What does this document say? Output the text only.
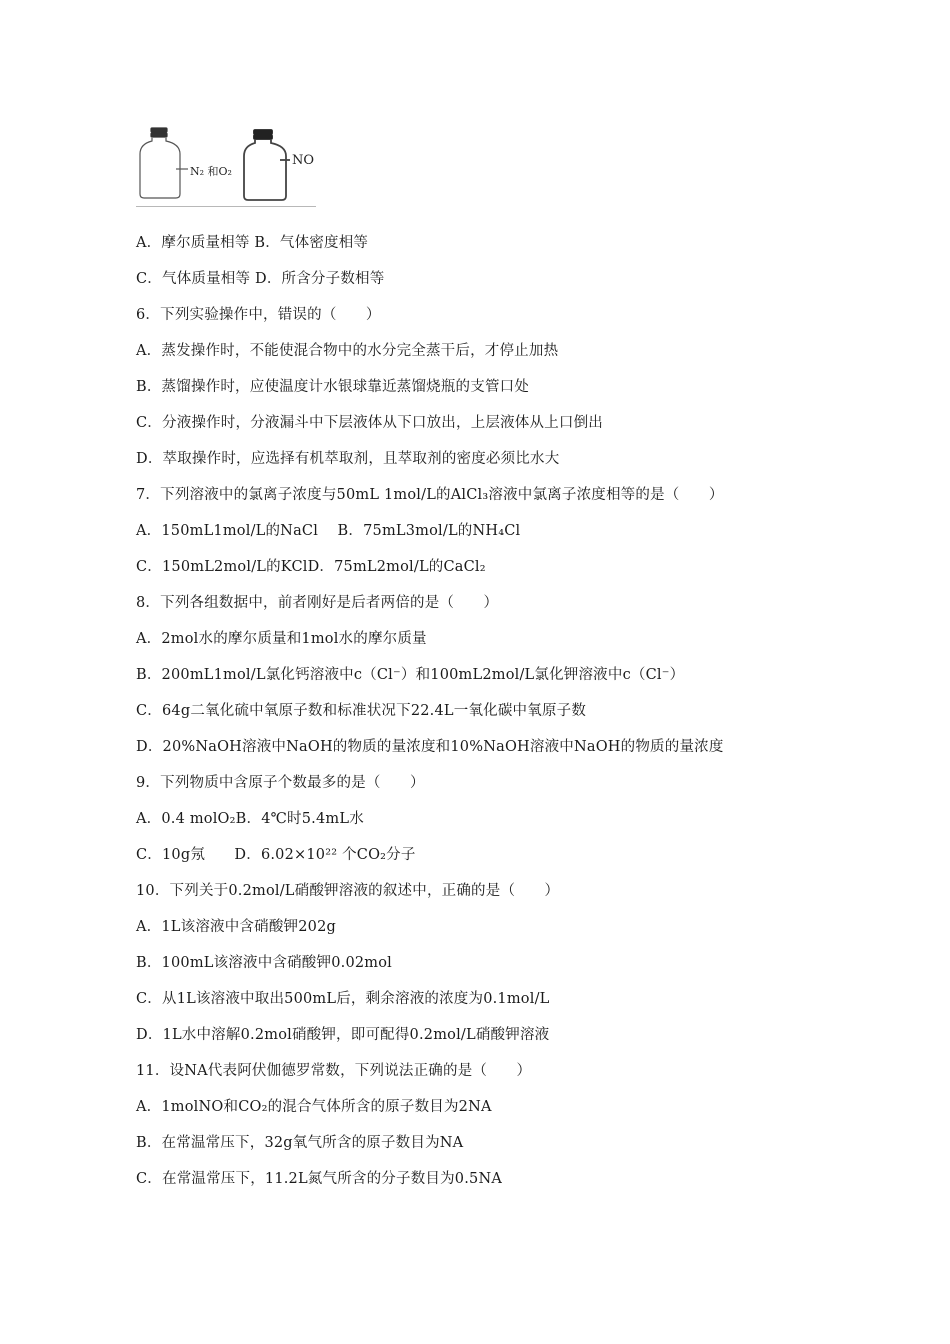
N₂ 和O₂
NO
A．摩尔质量相等 B．气体密度相等
C．气体质量相等 D．所含分子数相等
6．下列实验操作中，错误的（　　）
A．蒸发操作时，不能使混合物中的水分完全蒸干后，才停止加热
B．蒸馏操作时，应使温度计水银球靠近蒸馏烧瓶的支管口处
C．分液操作时，分液漏斗中下层液体从下口放出，上层液体从上口倒出
D．萃取操作时，应选择有机萃取剂，且萃取剂的密度必须比水大
7．下列溶液中的氯离子浓度与50mL 1mol/L的AlCl₃溶液中氯离子浓度相等的是（　　）
A．150mL1mol/L的NaCl　 B．75mL3mol/L的NH₄Cl
C．150mL2mol/L的KClD．75mL2mol/L的CaCl₂
8．下列各组数据中，前者刚好是后者两倍的是（　　）
A．2mol水的摩尔质量和1mol水的摩尔质量
B．200mL1mol/L氯化钙溶液中c（Cl⁻）和100mL2mol/L氯化钾溶液中c（Cl⁻）
C．64g二氧化硫中氧原子数和标准状况下22.4L一氧化碳中氧原子数
D．20%NaOH溶液中NaOH的物质的量浓度和10%NaOH溶液中NaOH的物质的量浓度
9．下列物质中含原子个数最多的是（　　）
A．0.4 molO₂B．4℃时5.4mL水
C．10g氖　　D．6.02×10²² 个CO₂分子
10．下列关于0.2mol/L硝酸钾溶液的叙述中，正确的是（　　）
A．1L该溶液中含硝酸钾202g
B．100mL该溶液中含硝酸钾0.02mol
C．从1L该溶液中取出500mL后，剩余溶液的浓度为0.1mol/L
D．1L水中溶解0.2mol硝酸钾，即可配得0.2mol/L硝酸钾溶液
11．设NA代表阿伏伽德罗常数，下列说法正确的是（　　）
A．1molNO和CO₂的混合气体所含的原子数目为2NA
B．在常温常压下，32g氧气所含的原子数目为NA
C．在常温常压下，11.2L氮气所含的分子数目为0.5NA
